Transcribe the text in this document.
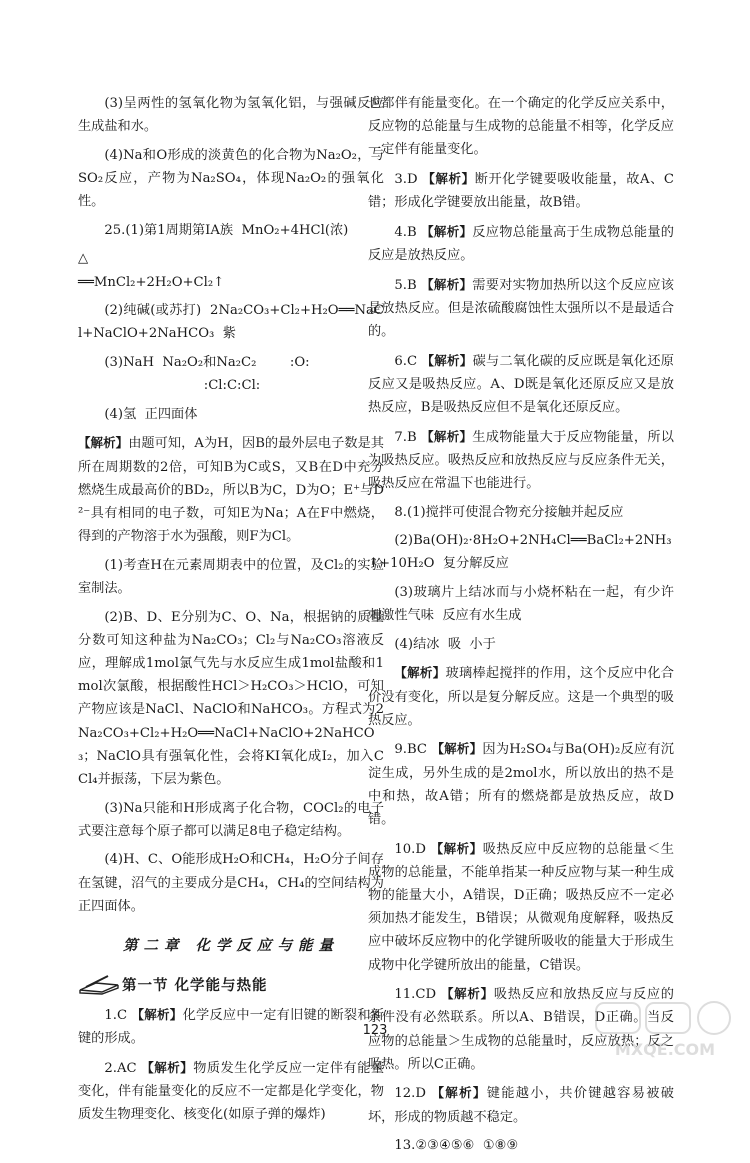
(3)呈两性的氢氧化物为氢氧化铝，与强碱反应生成盐和水。

(4)Na和O形成的淡黄色的化合物为Na₂O₂，与SO₂反应，产物为Na₂SO₄，体现Na₂O₂的强氧化性。

25.(1)第1周期第IA族  MnO₂+4HCl(浓)

△
══MnCl₂+2H₂O+Cl₂↑

(2)纯碱(或苏打)  2Na₂CO₃+Cl₂+H₂O══NaCl+NaClO+2NaHCO₃  紫

(3)NaH  Na₂O₂和Na₂C₂        :O:
:Cl:C:Cl:

(4)氢  正四面体

【解析】由题可知，A为H，因B的最外层电子数是其所在周期数的2倍，可知B为C或S，又B在D中充分燃烧生成最高价的BD₂，所以B为C，D为O；E⁺与D²⁻具有相同的电子数，可知E为Na；A在F中燃烧，得到的产物溶于水为强酸，则F为Cl。

(1)考查H在元素周期表中的位置，及Cl₂的实验室制法。

(2)B、D、E分别为C、O、Na，根据钠的质量分数可知这种盐为Na₂CO₃；Cl₂与Na₂CO₃溶液反应，理解成1mol氯气先与水反应生成1mol盐酸和1mol次氯酸，根据酸性HCl＞H₂CO₃＞HClO，可知产物应该是NaCl、NaClO和NaHCO₃。方程式为2Na₂CO₃+Cl₂+H₂O══NaCl+NaClO+2NaHCO₃；NaClO具有强氧化性，会将KI氧化成I₂，加入CCl₄并振荡，下层为紫色。

(3)Na只能和H形成离子化合物，COCl₂的电子式要注意每个原子都可以满足8电子稳定结构。

(4)H、C、O能形成H₂O和CH₄，H₂O分子间存在氢键，沼气的主要成分是CH₄，CH₄的空间结构为正四面体。

第二章 化学反应与能量
第一节 化学能与热能

1.C 【解析】化学反应中一定有旧键的断裂和新键的形成。

2.AC 【解析】物质发生化学反应一定伴有能量变化，伴有能量变化的反应不一定都是化学变化，物质发生物理变化、核变化(如原子弹的爆炸)

也都伴有能量变化。在一个确定的化学反应关系中，反应物的总能量与生成物的总能量不相等，化学反应一定伴有能量变化。

3.D 【解析】断开化学键要吸收能量，故A、C错；形成化学键要放出能量，故B错。

4.B 【解析】反应物总能量高于生成物总能量的反应是放热反应。

5.B 【解析】需要对实物加热所以这个反应应该是放热反应。但是浓硫酸腐蚀性太强所以不是最适合的。

6.C 【解析】碳与二氧化碳的反应既是氧化还原反应又是吸热反应。A、D既是氧化还原反应又是放热反应，B是吸热反应但不是氧化还原反应。

7.B 【解析】生成物能量大于反应物能量，所以为吸热反应。吸热反应和放热反应与反应条件无关，吸热反应在常温下也能进行。

8.(1)搅拌可使混合物充分接触并起反应

(2)Ba(OH)₂·8H₂O+2NH₄Cl══BaCl₂+2NH₃↑+10H₂O  复分解反应

(3)玻璃片上结冰而与小烧杯粘在一起，有少许刺激性气味  反应有水生成

(4)结冰  吸  小于

【解析】玻璃棒起搅拌的作用，这个反应中化合价没有变化，所以是复分解反应。这是一个典型的吸热反应。

9.BC 【解析】因为H₂SO₄与Ba(OH)₂反应有沉淀生成，另外生成的是2mol水，所以放出的热不是中和热，故A错；所有的燃烧都是放热反应，故D错。

10.D 【解析】吸热反应中反应物的总能量＜生成物的总能量，不能单指某一种反应物与某一种生成物的能量大小，A错误，D正确；吸热反应不一定必须加热才能发生，B错误；从微观角度解释，吸热反应中破坏反应物中的化学键所吸收的能量大于形成生成物中化学键所放出的能量，C错误。

11.CD 【解析】吸热反应和放热反应与反应的条件没有必然联系。所以A、B错误，D正确。当反应物的总能量＞生成物的总能量时，反应放热；反之吸热。所以C正确。

12.D 【解析】键能越小，共价键越容易被破坏，形成的物质越不稳定。

13.②③④⑤⑥  ①⑧⑨

123
MXQE.COM
